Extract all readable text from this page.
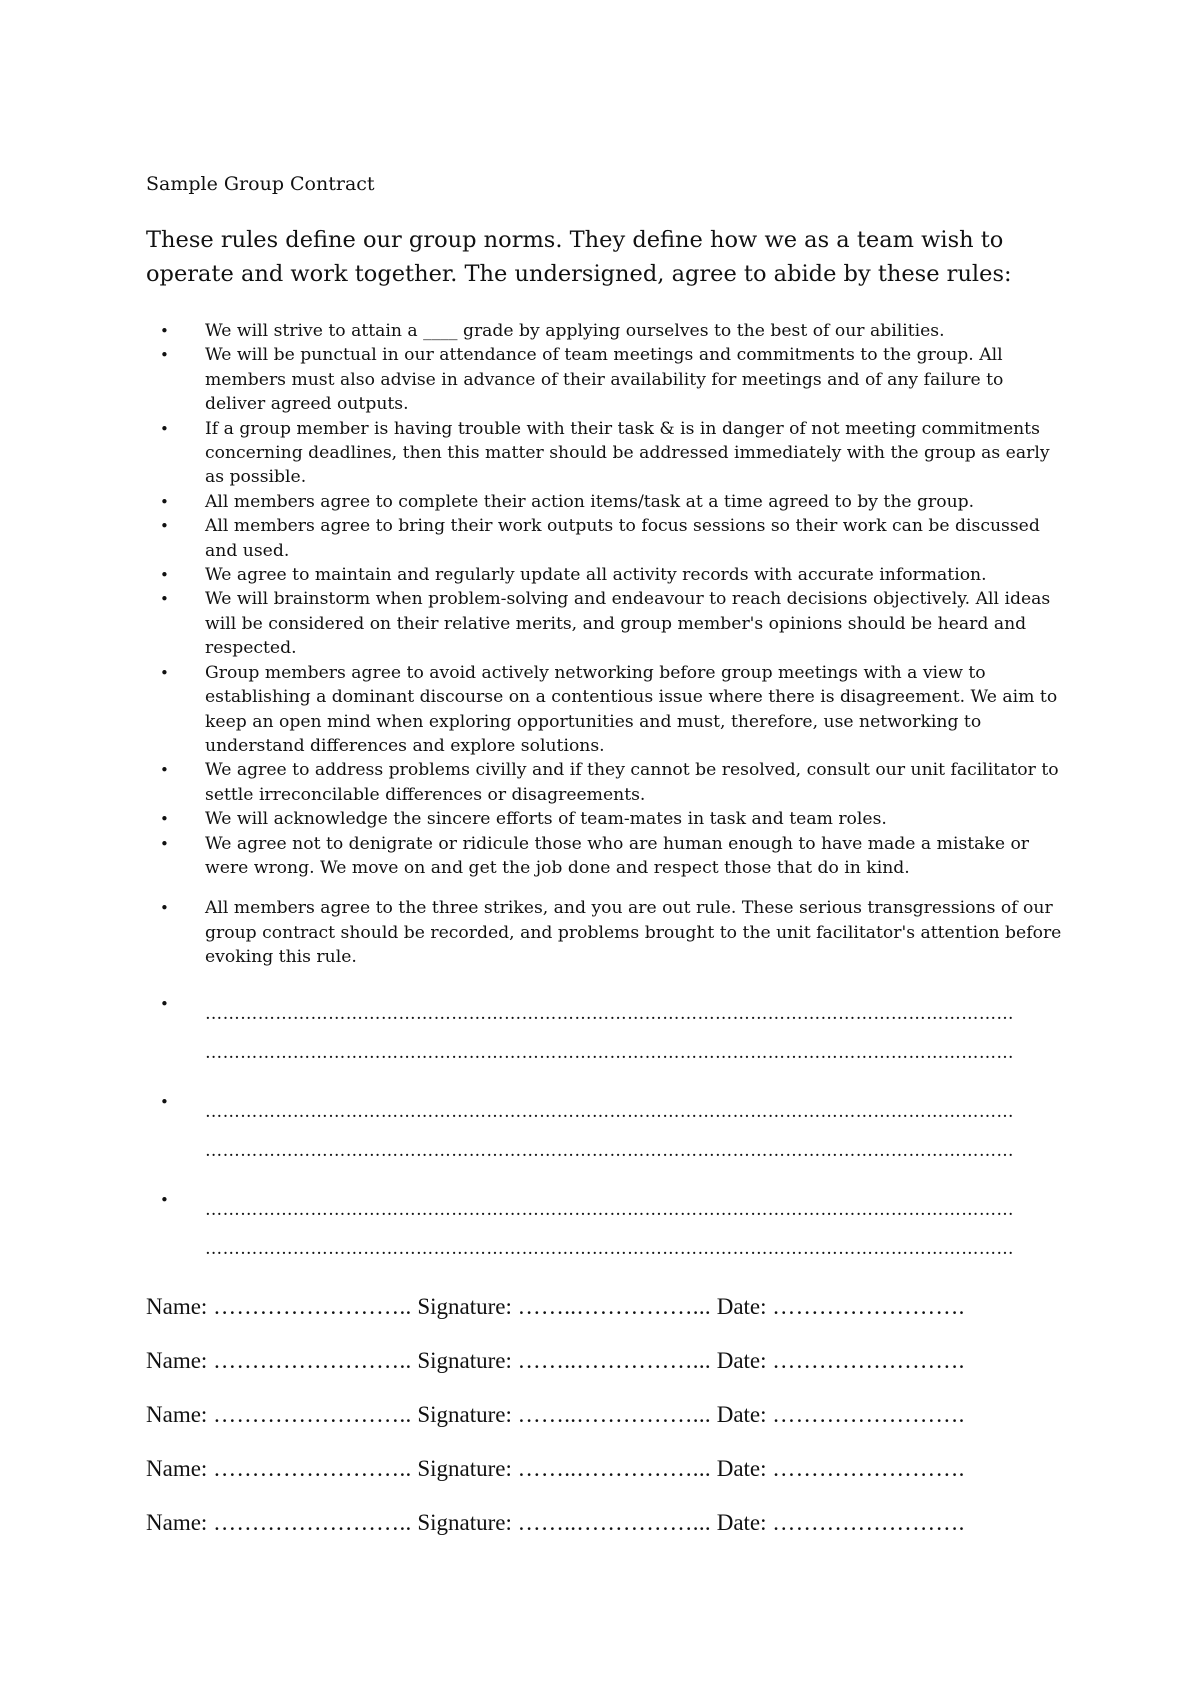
Sample Group Contract

These rules define our group norms. They define how we as a team wish to operate and work together. The undersigned, agree to abide by these rules:

• We will strive to attain a ____ grade by applying ourselves to the best of our abilities.
• We will be punctual in our attendance of team meetings and commitments to the group. All members must also advise in advance of their availability for meetings and of any failure to deliver agreed outputs.
• If a group member is having trouble with their task & is in danger of not meeting commitments concerning deadlines, then this matter should be addressed immediately with the group as early as possible.
• All members agree to complete their action items/task at a time agreed to by the group.
• All members agree to bring their work outputs to focus sessions so their work can be discussed and used.
• We agree to maintain and regularly update all activity records with accurate information.
• We will brainstorm when problem-solving and endeavour to reach decisions objectively. All ideas will be considered on their relative merits, and group member's opinions should be heard and respected.
• Group members agree to avoid actively networking before group meetings with a view to establishing a dominant discourse on a contentious issue where there is disagreement. We aim to keep an open mind when exploring opportunities and must, therefore, use networking to understand differences and explore solutions.
• We agree to address problems civilly and if they cannot be resolved, consult our unit facilitator to settle irreconcilable differences or disagreements.
• We will acknowledge the sincere efforts of team-mates in task and team roles.
• We agree not to denigrate or ridicule those who are human enough to have made a mistake or were wrong. We move on and get the job done and respect those that do in kind.
• All members agree to the three strikes, and you are out rule. These serious transgressions of our group contract should be recorded, and problems brought to the unit facilitator's attention before evoking this rule.
• …………………………………………………………………………………………………………………………
…………………………………………………………………………………………………………………………
• …………………………………………………………………………………………………………………………
…………………………………………………………………………………………………………………………
• …………………………………………………………………………………………………………………………
…………………………………………………………………………………………………………………………
Name: …………………….. Signature: ……..……………... Date: …………………….
Name: …………………….. Signature: ……..……………... Date: …………………….
Name: …………………….. Signature: ……..……………... Date: …………………….
Name: …………………….. Signature: ……..……………... Date: …………………….
Name: …………………….. Signature: ……..……………... Date: …………………….
